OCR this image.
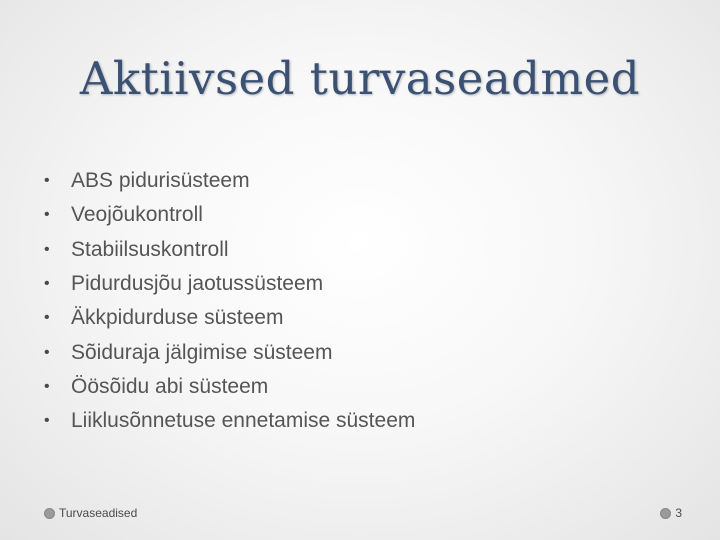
Aktiivsed turvaseadmed
•	ABS pidurisüsteem
•	Veojõukontroll
•	Stabiilsuskontroll
•	Pidurdusjõu jaotussüsteem
•	Äkkpidurduse süsteem
•	Sõiduraja jälgimise süsteem
•	Öösõidu abi süsteem
•	Liiklusõnnetuse ennetamise süsteem
Turvaseadised	3
